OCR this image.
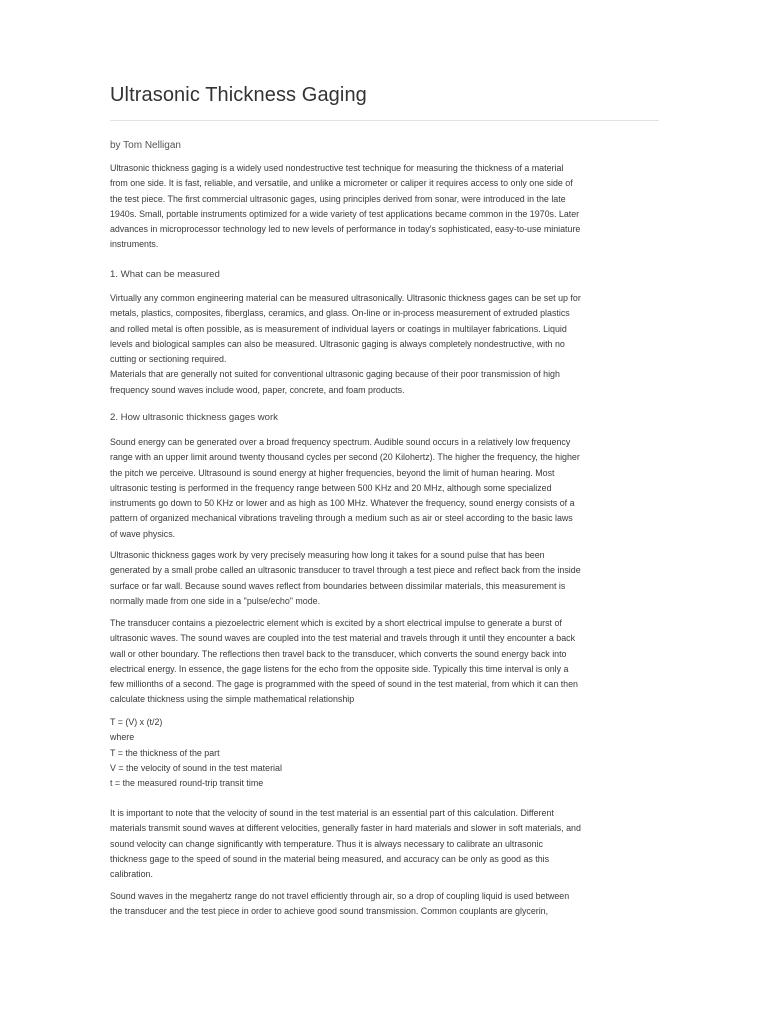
Ultrasonic Thickness Gaging
by Tom Nelligan
Ultrasonic thickness gaging is a widely used nondestructive test technique for measuring the thickness of a material
from one side. It is fast, reliable, and versatile, and unlike a micrometer or caliper it requires access to only one side of
the test piece. The first commercial ultrasonic gages, using principles derived from sonar, were introduced in the late
1940s. Small, portable instruments optimized for a wide variety of test applications became common in the 1970s. Later
advances in microprocessor technology led to new levels of performance in today's sophisticated, easy-to-use miniature
instruments.
1. What can be measured
Virtually any common engineering material can be measured ultrasonically. Ultrasonic thickness gages can be set up for
metals, plastics, composites, fiberglass, ceramics, and glass. On-line or in-process measurement of extruded plastics
and rolled metal is often possible, as is measurement of individual layers or coatings in multilayer fabrications. Liquid
levels and biological samples can also be measured. Ultrasonic gaging is always completely nondestructive, with no
cutting or sectioning required.
Materials that are generally not suited for conventional ultrasonic gaging because of their poor transmission of high
frequency sound waves include wood, paper, concrete, and foam products.
2. How ultrasonic thickness gages work
Sound energy can be generated over a broad frequency spectrum. Audible sound occurs in a relatively low frequency
range with an upper limit around twenty thousand cycles per second (20 Kilohertz). The higher the frequency, the higher
the pitch we perceive. Ultrasound is sound energy at higher frequencies, beyond the limit of human hearing. Most
ultrasonic testing is performed in the frequency range between 500 KHz and 20 MHz, although some specialized
instruments go down to 50 KHz or lower and as high as 100 MHz. Whatever the frequency, sound energy consists of a
pattern of organized mechanical vibrations traveling through a medium such as air or steel according to the basic laws
of wave physics.
Ultrasonic thickness gages work by very precisely measuring how long it takes for a sound pulse that has been
generated by a small probe called an ultrasonic transducer to travel through a test piece and reflect back from the inside
surface or far wall. Because sound waves reflect from boundaries between dissimilar materials, this measurement is
normally made from one side in a "pulse/echo" mode.
The transducer contains a piezoelectric element which is excited by a short electrical impulse to generate a burst of
ultrasonic waves. The sound waves are coupled into the test material and travels through it until they encounter a back
wall or other boundary. The reflections then travel back to the transducer, which converts the sound energy back into
electrical energy. In essence, the gage listens for the echo from the opposite side. Typically this time interval is only a
few millionths of a second. The gage is programmed with the speed of sound in the test material, from which it can then
calculate thickness using the simple mathematical relationship
T = (V) x (t/2)
where
T = the thickness of the part
V = the velocity of sound in the test material
t = the measured round-trip transit time
It is important to note that the velocity of sound in the test material is an essential part of this calculation. Different
materials transmit sound waves at different velocities, generally faster in hard materials and slower in soft materials, and
sound velocity can change significantly with temperature. Thus it is always necessary to calibrate an ultrasonic
thickness gage to the speed of sound in the material being measured, and accuracy can be only as good as this
calibration.
Sound waves in the megahertz range do not travel efficiently through air, so a drop of coupling liquid is used between
the transducer and the test piece in order to achieve good sound transmission. Common couplants are glycerin,
